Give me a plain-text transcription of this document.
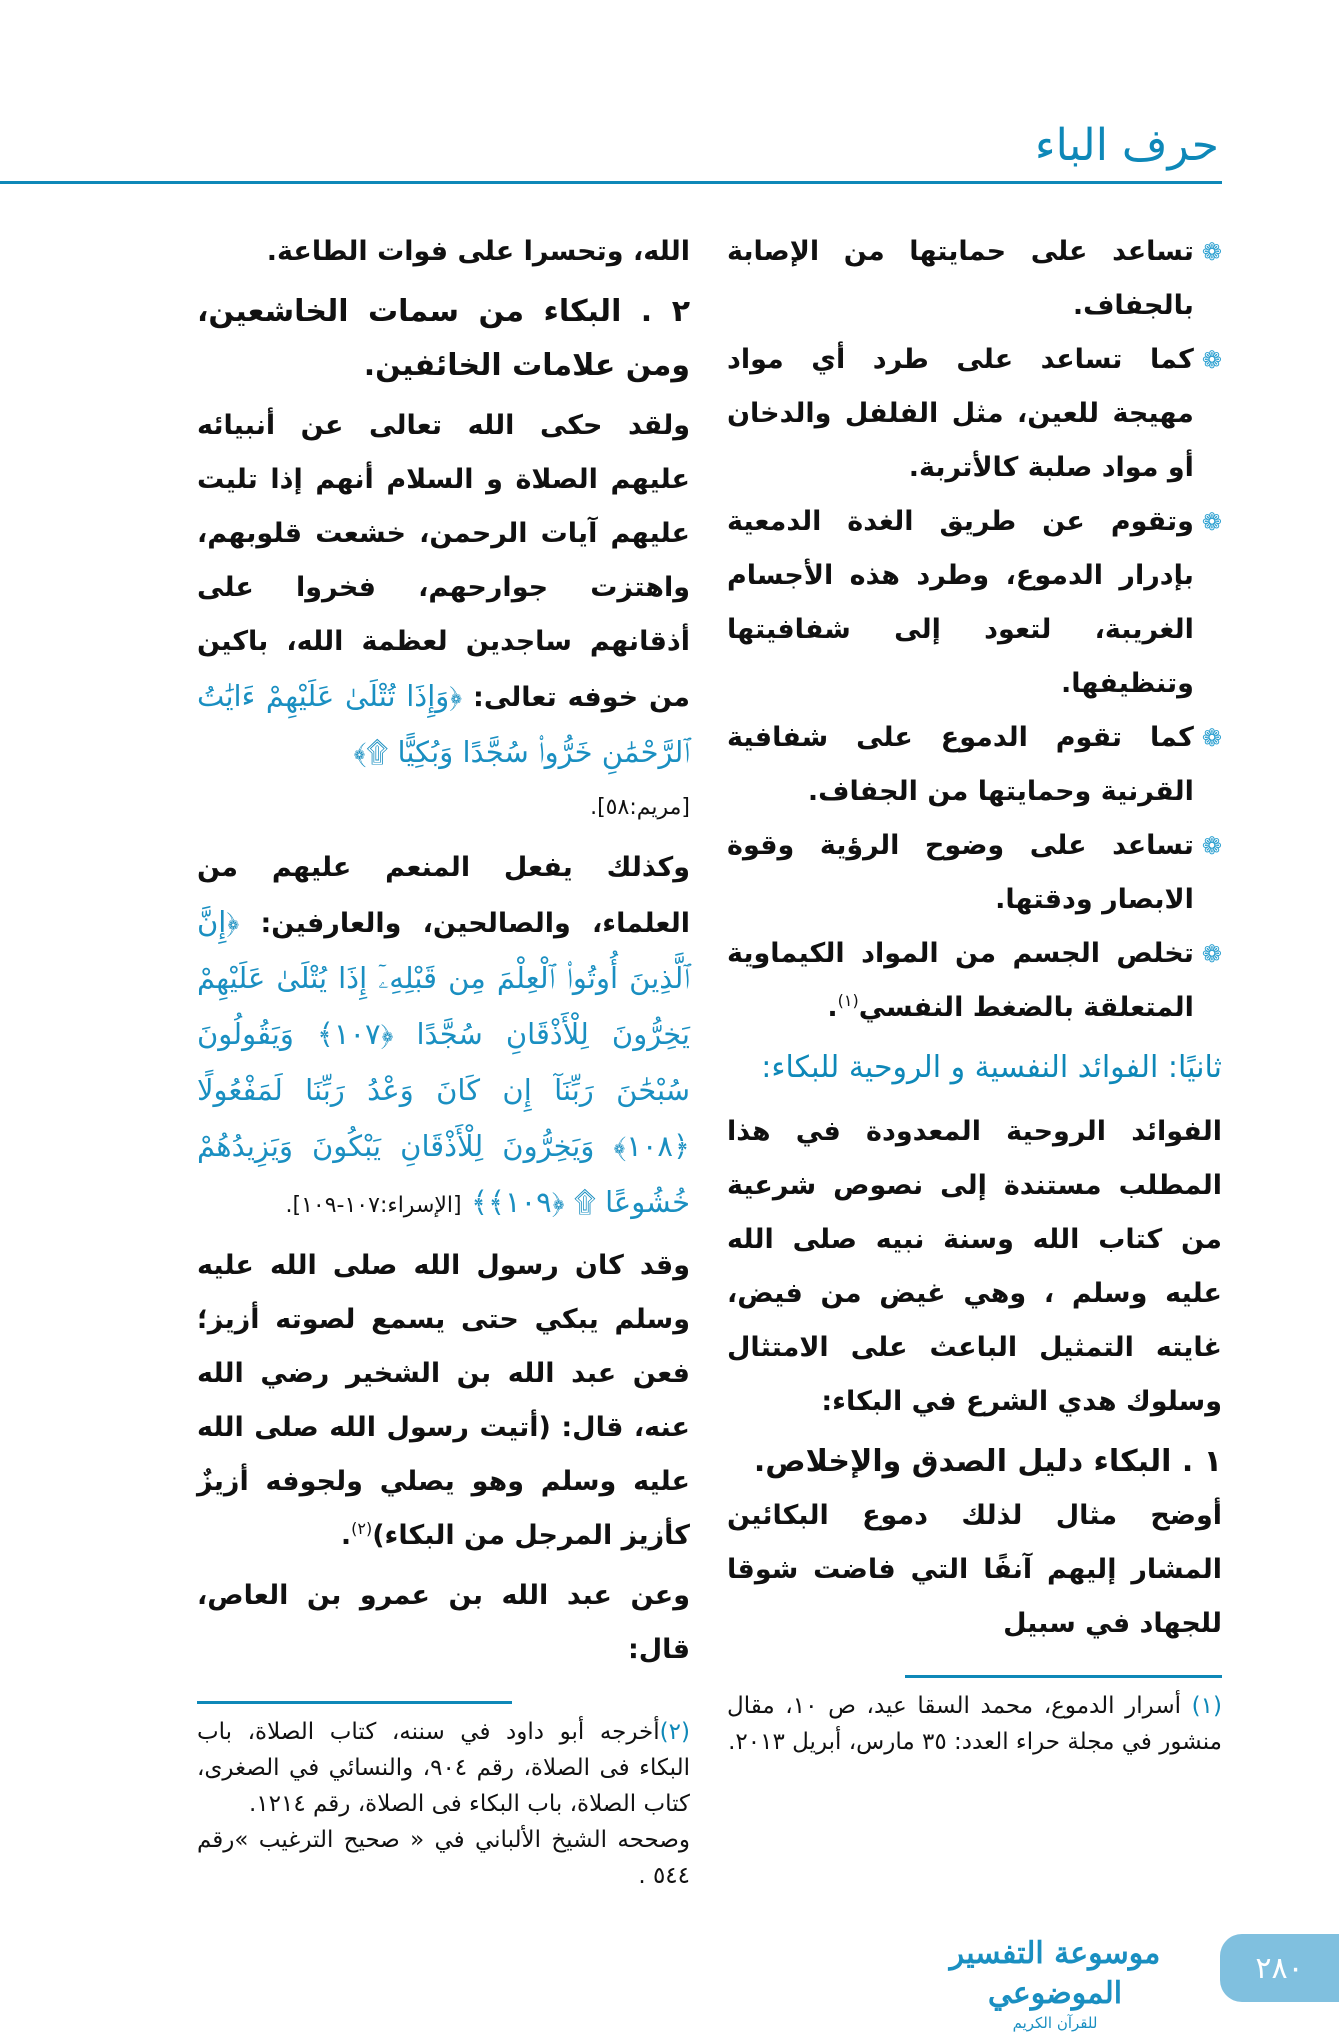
حرف الباء
❁
تساعد على حمايتها من الإصابة بالجفاف.
❁
كما تساعد على طرد أي مواد مهيجة للعين، مثل الفلفل والدخان أو مواد صلبة كالأتربة.
❁
وتقوم عن طريق الغدة الدمعية بإدرار الدموع، وطرد هذه الأجسام الغريبة، لتعود إلى شفافيتها وتنظيفها.
❁
كما تقوم الدموع على شفافية القرنية وحمايتها من الجفاف.
❁
تساعد على وضوح الرؤية وقوة الابصار ودقتها.
❁
تخلص الجسم من المواد الكيماوية المتعلقة بالضغط النفسي$^{(١)}$.
ثانيًا: الفوائد النفسية و الروحية للبكاء:
الفوائد الروحية المعدودة في هذا المطلب مستندة إلى نصوص شرعية من كتاب الله وسنة نبيه صلى الله عليه وسلم ، وهي غيض من فيض، غايته التمثيل الباعث على الامتثال وسلوك هدي الشرع في البكاء:
١ . البكاء دليل الصدق والإخلاص.
أوضح مثال لذلك دموع البكائين المشار إليهم آنفًا التي فاضت شوقا للجهاد في سبيل
(١) أسرار الدموع، محمد السقا عيد، ص ١٠، مقال منشور في مجلة حراء العدد: ٣٥ مارس، أبريل ٢٠١٣.
الله، وتحسرا على فوات الطاعة.
٢ . البكاء من سمات الخاشعين، ومن علامات الخائفين.
ولقد حكى الله تعالى عن أنبيائه عليهم الصلاة و السلام أنهم إذا تليت عليهم آيات الرحمن، خشعت قلوبهم، واهتزت جوارحهم، فخروا على أذقانهم ساجدين لعظمة الله، باكين من خوفه تعالى: ﴿وَإِذَا تُتْلَىٰ عَلَيْهِمْ ءَايَٰتُ ٱلرَّحْمَٰنِ خَرُّوا۟ سُجَّدًا وَبُكِيًّا ۩﴾
[مريم:٥٨].
وكذلك يفعل المنعم عليهم من العلماء، والصالحين، والعارفين: ﴿إِنَّ ٱلَّذِينَ أُوتُوا۟ ٱلْعِلْمَ مِن قَبْلِهِۦٓ إِذَا يُتْلَىٰ عَلَيْهِمْ يَخِرُّونَ لِلْأَذْقَانِ سُجَّدًا ﴿١٠٧﴾ وَيَقُولُونَ سُبْحَٰنَ رَبِّنَآ إِن كَانَ وَعْدُ رَبِّنَا لَمَفْعُولًا ﴿١٠٨﴾ وَيَخِرُّونَ لِلْأَذْقَانِ يَبْكُونَ وَيَزِيدُهُمْ خُشُوعًا ۩ ﴿١٠٩﴾﴾ [الإسراء:١٠٧-١٠٩].
وقد كان رسول الله صلى الله عليه وسلم يبكي حتى يسمع لصوته أزيز؛ فعن عبد الله بن الشخير رضي الله عنه، قال: (أتيت رسول الله صلى الله عليه وسلم وهو يصلي ولجوفه أزيزٌ كأزيز المرجل من البكاء)$^{(٢)}$.
وعن عبد الله بن عمرو بن العاص، قال:
(٢)أخرجه أبو داود في سننه، كتاب الصلاة، باب البكاء فى الصلاة، رقم ٩٠٤، والنسائي في الصغرى، كتاب الصلاة، باب البكاء فى الصلاة، رقم ١٢١٤.
وصححه الشيخ الألباني في « صحيح الترغيب »رقم ٥٤٤ .
موسوعة التفسير الموضوعي
للقرآن الكريم
٢٨٠
